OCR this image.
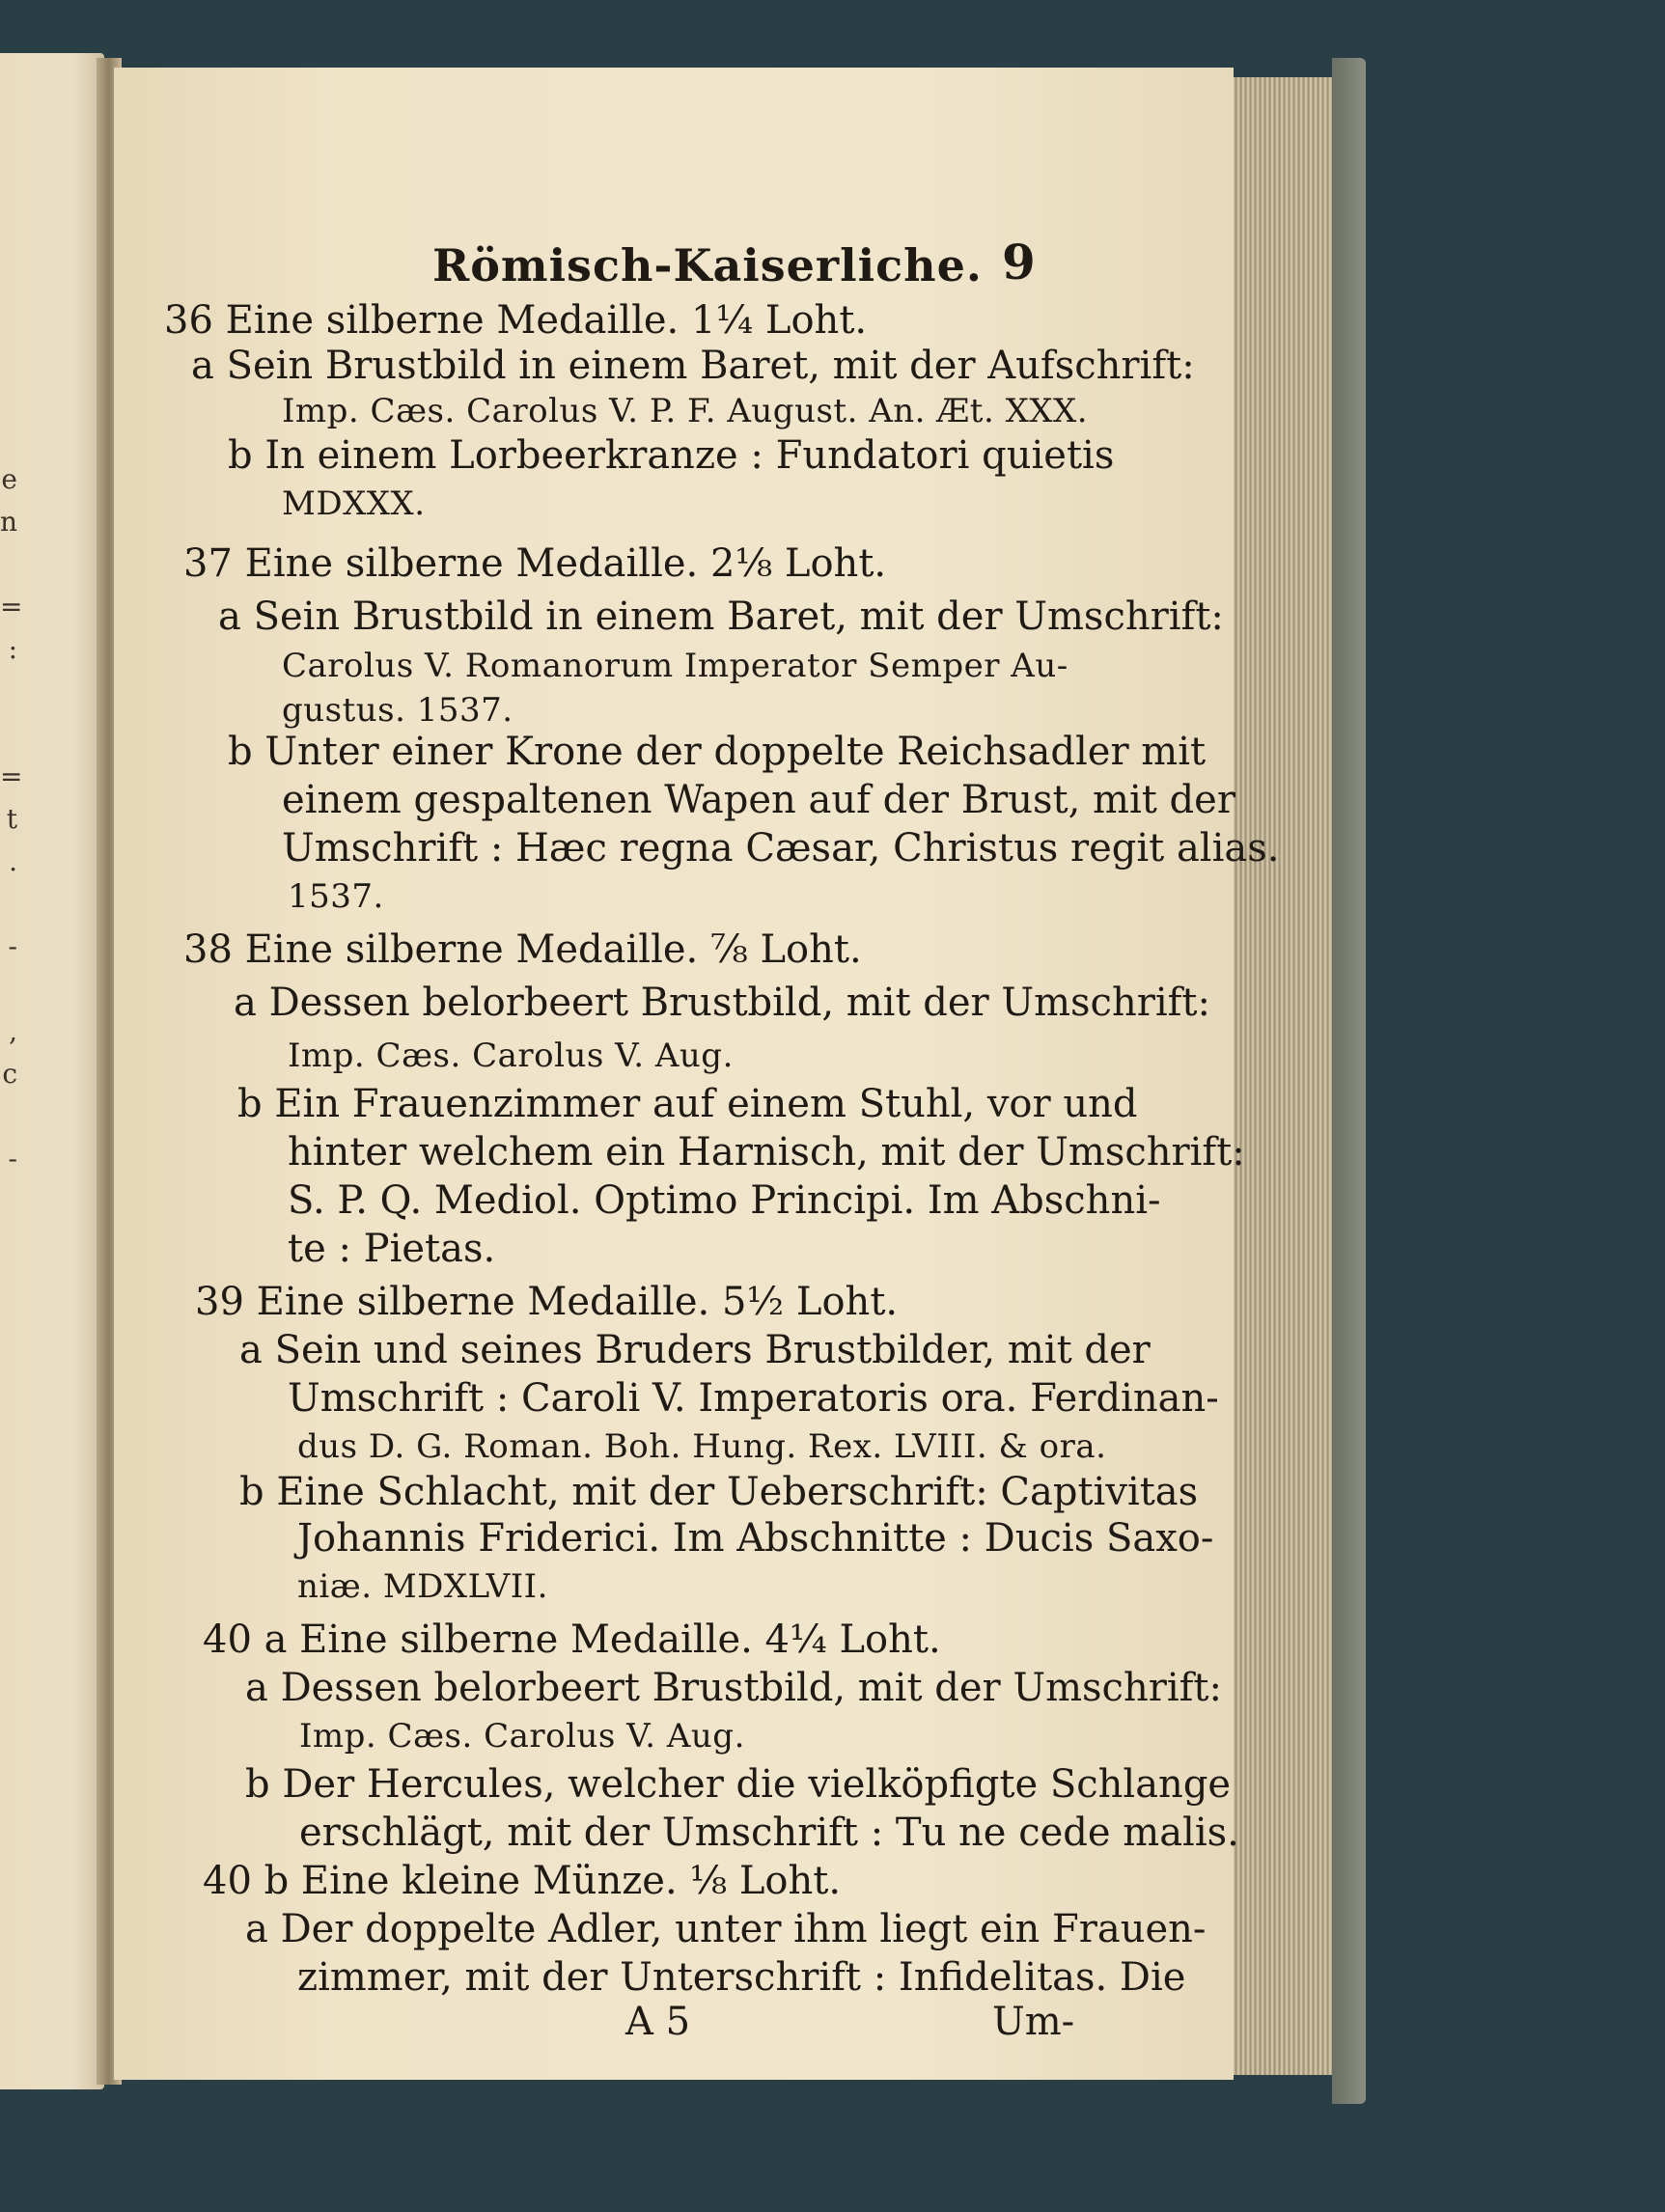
e
n

=
:

=
t
.

-

,
c

-
Römisch-Kaiserliche. 9
36 Eine silberne Medaille. 1¼ Loht.
a Sein Brustbild in einem Baret, mit der Aufschrift:
Imp. Cæs. Carolus V. P. F. August. An. Æt. XXX.
b In einem Lorbeerkranze : Fundatori quietis
MDXXX.
37 Eine silberne Medaille. 2⅛ Loht.
a Sein Brustbild in einem Baret, mit der Umschrift:
Carolus V. Romanorum Imperator Semper Au-
gustus. 1537.
b Unter einer Krone der doppelte Reichsadler mit
einem gespaltenen Wapen auf der Brust, mit der
Umschrift : Hæc regna Cæsar, Christus regit alias.
1537.
38 Eine silberne Medaille. ⅞ Loht.
a Dessen belorbeert Brustbild, mit der Umschrift:
Imp. Cæs. Carolus V. Aug.
b Ein Frauenzimmer auf einem Stuhl, vor und
hinter welchem ein Harnisch, mit der Umschrift:
S. P. Q. Mediol. Optimo Principi. Im Abschni-
te : Pietas.
39 Eine silberne Medaille. 5½ Loht.
a Sein und seines Bruders Brustbilder, mit der
Umschrift : Caroli V. Imperatoris ora. Ferdinan-
dus D. G. Roman. Boh. Hung. Rex. LVIII. & ora.
b Eine Schlacht, mit der Ueberschrift: Captivitas
Johannis Friderici. Im Abschnitte : Ducis Saxo-
niæ. MDXLVII.
40 a Eine silberne Medaille. 4¼ Loht.
a Dessen belorbeert Brustbild, mit der Umschrift:
Imp. Cæs. Carolus V. Aug.
b Der Hercules, welcher die vielköpfigte Schlange
erschlägt, mit der Umschrift : Tu ne cede malis.
40 b Eine kleine Münze. ⅛ Loht.
a Der doppelte Adler, unter ihm liegt ein Frauen-
zimmer, mit der Unterschrift : Infidelitas. Die
A 5	Um-
